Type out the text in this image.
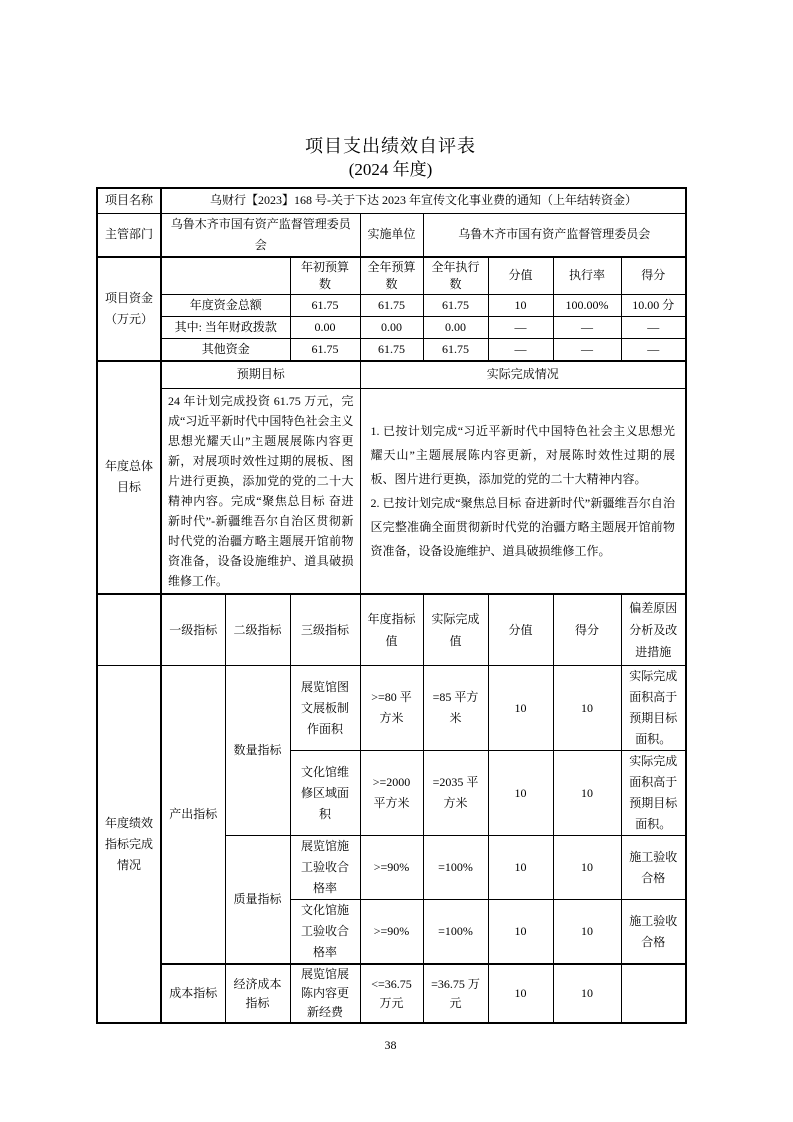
项目支出绩效自评表
(2024 年度)
项目名称	乌财行【2023】168 号-关于下达 2023 年宣传文化事业费的通知（上年结转资金）							
主管部门	乌鲁木齐市国有资产监督管理委员会			实施单位	乌鲁木齐市国有资产监督管理委员会			
项目资金（万元）			年初预算数	全年预算数	全年执行数	分值	执行率	得分
	年度资金总额		61.75	61.75	61.75	10	100.00%	10.00 分
	其中: 当年财政拨款		0.00	0.00	0.00	—	—	—
	其他资金		61.75	61.75	61.75	—	—	—
年度总体目标	预期目标			实际完成情况				
	24 年计划完成投资 61.75 万元，完成“习近平新时代中国特色社会主义思想光耀天山”主题展展陈内容更新，对展项时效性过期的展板、图片进行更换，添加党的党的二十大精神内容。完成“聚焦总目标 奋进新时代”-新疆维吾尔自治区贯彻新时代党的治疆方略主题展开馆前物资准备，设备设施维护、道具破损维修工作。			1. 已按计划完成“习近平新时代中国特色社会主义思想光耀天山”主题展展陈内容更新，对展陈时效性过期的展板、图片进行更换，添加党的党的二十大精神内容。
2. 已按计划完成“聚焦总目标 奋进新时代”新疆维吾尔自治区完整准确全面贯彻新时代党的治疆方略主题展开馆前物资准备，设备设施维护、道具破损维修工作。				

	一级指标	二级指标	三级指标	年度指标值	实际完成值	分值	得分	偏差原因分析及改进措施
年度绩效指标完成情况	产出指标	数量指标	展览馆图文展板制作面积	>=80 平方米	=85 平方米	10	10	实际完成面积高于预期目标面积。
			文化馆维修区域面积	>=2000 平方米	=2035 平方米	10	10	实际完成面积高于预期目标面积。
		质量指标	展览馆施工验收合格率	>=90%	=100%	10	10	施工验收合格
			文化馆施工验收合格率	>=90%	=100%	10	10	施工验收合格
	成本指标	经济成本指标	展览馆展陈内容更新经费	<=36.75 万元	=36.75 万元	10	10	
38
